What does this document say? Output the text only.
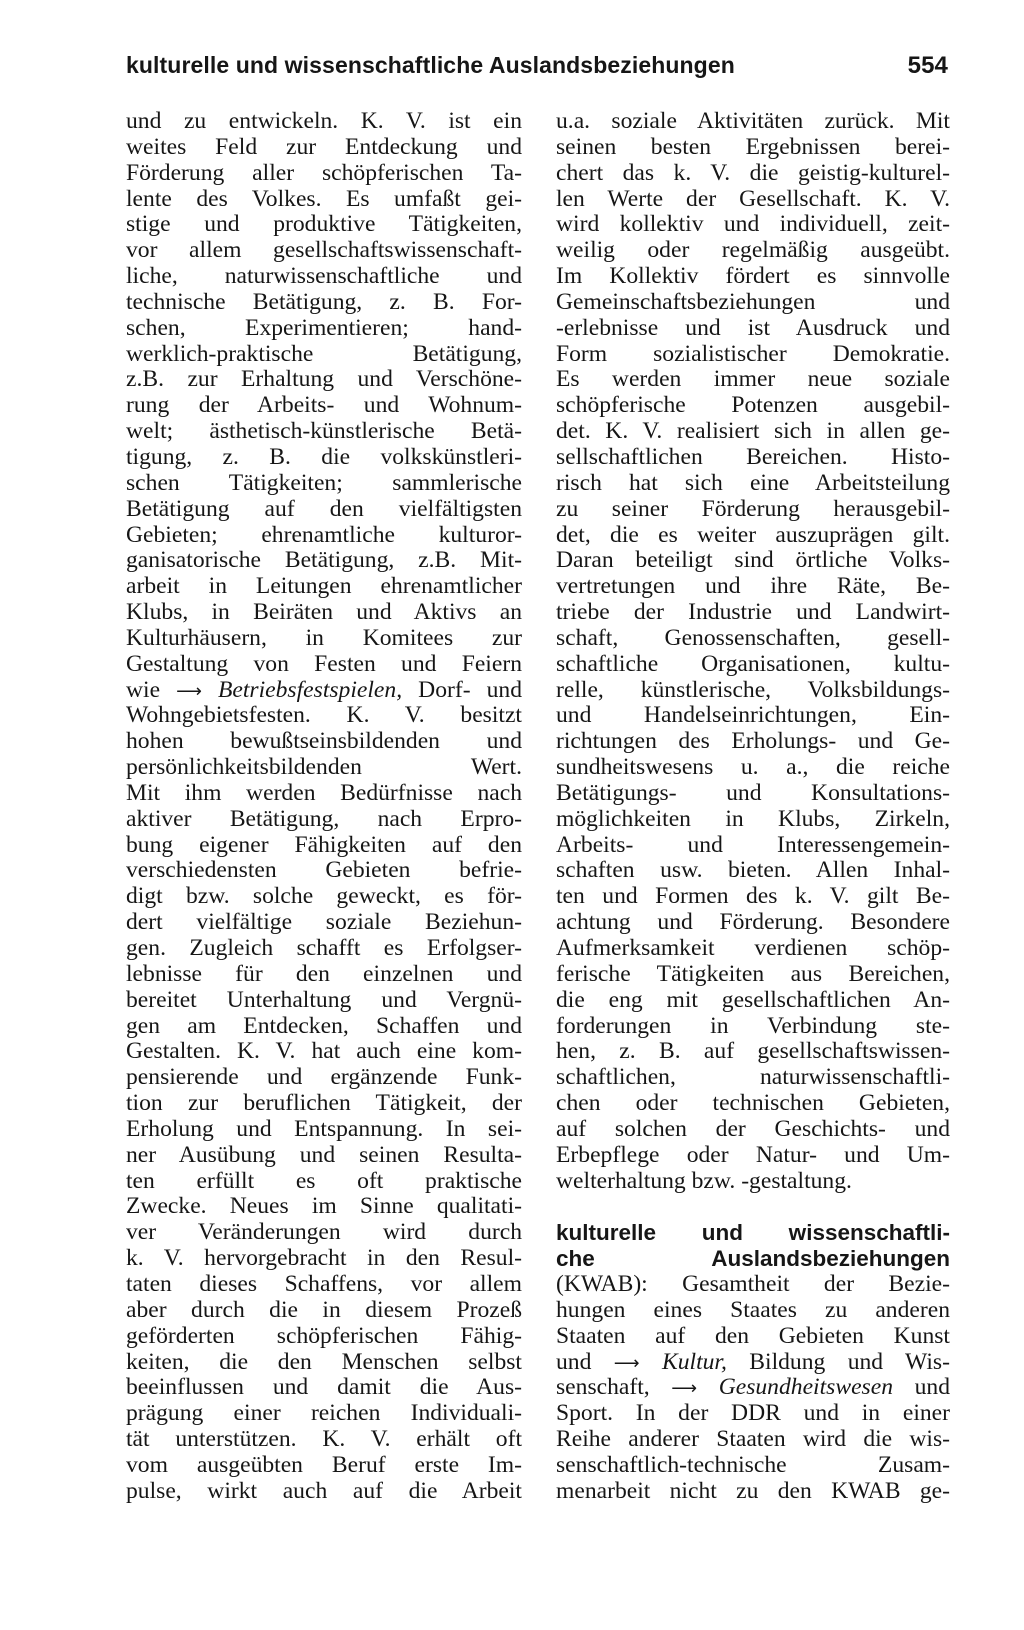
kulturelle und wissenschaftliche Auslandsbeziehungen	554
und zu entwickeln. K. V. ist ein
weites Feld zur Entdeckung und
Förderung aller schöpferischen Ta-
lente des Volkes. Es umfaßt gei-
stige und produktive Tätigkeiten,
vor allem gesellschaftswissenschaft-
liche, naturwissenschaftliche und
technische Betätigung, z. B. For-
schen, Experimentieren; hand-
werklich-praktische Betätigung,
z.B. zur Erhaltung und Verschöne-
rung der Arbeits- und Wohnum-
welt; ästhetisch-künstlerische Betä-
tigung, z. B. die volkskünstleri-
schen Tätigkeiten; sammlerische
Betätigung auf den vielfältigsten
Gebieten; ehrenamtliche kulturor-
ganisatorische Betätigung, z.B. Mit-
arbeit in Leitungen ehrenamtlicher
Klubs, in Beiräten und Aktivs an
Kulturhäusern, in Komitees zur
Gestaltung von Festen und Feiern
wie ⟶ Betriebsfestspielen, Dorf- und
Wohngebietsfesten. K. V. besitzt
hohen bewußtseinsbildenden und
persönlichkeitsbildenden Wert.
Mit ihm werden Bedürfnisse nach
aktiver Betätigung, nach Erpro-
bung eigener Fähigkeiten auf den
verschiedensten Gebieten befrie-
digt bzw. solche geweckt, es för-
dert vielfältige soziale Beziehun-
gen. Zugleich schafft es Erfolgser-
lebnisse für den einzelnen und
bereitet Unterhaltung und Vergnü-
gen am Entdecken, Schaffen und
Gestalten. K. V. hat auch eine kom-
pensierende und ergänzende Funk-
tion zur beruflichen Tätigkeit, der
Erholung und Entspannung. In sei-
ner Ausübung und seinen Resulta-
ten erfüllt es oft praktische
Zwecke. Neues im Sinne qualitati-
ver Veränderungen wird durch
k. V. hervorgebracht in den Resul-
taten dieses Schaffens, vor allem
aber durch die in diesem Prozeß
geförderten schöpferischen Fähig-
keiten, die den Menschen selbst
beeinflussen und damit die Aus-
prägung einer reichen Individuali-
tät unterstützen. K. V. erhält oft
vom ausgeübten Beruf erste Im-
pulse, wirkt auch auf die Arbeit
u.a. soziale Aktivitäten zurück. Mit
seinen besten Ergebnissen berei-
chert das k. V. die geistig-kulturel-
len Werte der Gesellschaft. K. V.
wird kollektiv und individuell, zeit-
weilig oder regelmäßig ausgeübt.
Im Kollektiv fördert es sinnvolle
Gemeinschaftsbeziehungen und
-erlebnisse und ist Ausdruck und
Form sozialistischer Demokratie.
Es werden immer neue soziale
schöpferische Potenzen ausgebil-
det. K. V. realisiert sich in allen ge-
sellschaftlichen Bereichen. Histo-
risch hat sich eine Arbeitsteilung
zu seiner Förderung herausgebil-
det, die es weiter auszuprägen gilt.
Daran beteiligt sind örtliche Volks-
vertretungen und ihre Räte, Be-
triebe der Industrie und Landwirt-
schaft, Genossenschaften, gesell-
schaftliche Organisationen, kultu-
relle, künstlerische, Volksbildungs-
und Handelseinrichtungen, Ein-
richtungen des Erholungs- und Ge-
sundheitswesens u. a., die reiche
Betätigungs- und Konsultations-
möglichkeiten in Klubs, Zirkeln,
Arbeits- und Interessengemein-
schaften usw. bieten. Allen Inhal-
ten und Formen des k. V. gilt Be-
achtung und Förderung. Besondere
Aufmerksamkeit verdienen schöp-
ferische Tätigkeiten aus Bereichen,
die eng mit gesellschaftlichen An-
forderungen in Verbindung ste-
hen, z. B. auf gesellschaftswissen-
schaftlichen, naturwissenschaftli-
chen oder technischen Gebieten,
auf solchen der Geschichts- und
Erbepflege oder Natur- und Um-
welterhaltung bzw. -gestaltung.
kulturelle und wissenschaftli-
che	Auslandsbeziehungen
(KWAB): Gesamtheit der Bezie-
hungen eines Staates zu anderen
Staaten auf den Gebieten Kunst
und ⟶ Kultur, Bildung und Wis-
senschaft, ⟶ Gesundheitswesen und
Sport. In der DDR und in einer
Reihe anderer Staaten wird die wis-
senschaftlich-technische Zusam-
menarbeit nicht zu den KWAB ge-
